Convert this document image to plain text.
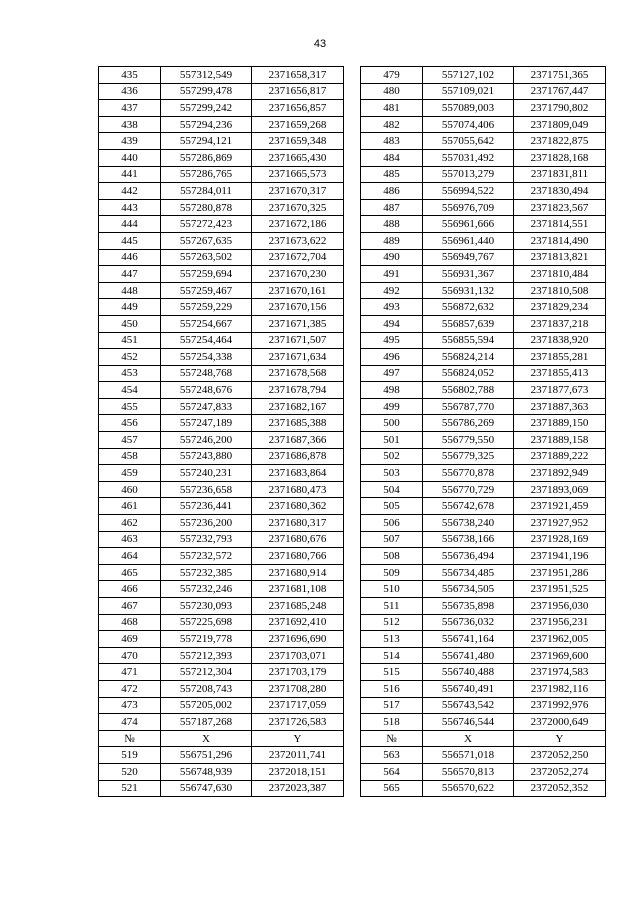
43
435	557312,549	2371658,317
436	557299,478	2371656,817
437	557299,242	2371656,857
438	557294,236	2371659,268
439	557294,121	2371659,348
440	557286,869	2371665,430
441	557286,765	2371665,573
442	557284,011	2371670,317
443	557280,878	2371670,325
444	557272,423	2371672,186
445	557267,635	2371673,622
446	557263,502	2371672,704
447	557259,694	2371670,230
448	557259,467	2371670,161
449	557259,229	2371670,156
450	557254,667	2371671,385
451	557254,464	2371671,507
452	557254,338	2371671,634
453	557248,768	2371678,568
454	557248,676	2371678,794
455	557247,833	2371682,167
456	557247,189	2371685,388
457	557246,200	2371687,366
458	557243,880	2371686,878
459	557240,231	2371683,864
460	557236,658	2371680,473
461	557236,441	2371680,362
462	557236,200	2371680,317
463	557232,793	2371680,676
464	557232,572	2371680,766
465	557232,385	2371680,914
466	557232,246	2371681,108
467	557230,093	2371685,248
468	557225,698	2371692,410
469	557219,778	2371696,690
470	557212,393	2371703,071
471	557212,304	2371703,179
472	557208,743	2371708,280
473	557205,002	2371717,059
474	557187,268	2371726,583
№	X	Y
519	556751,296	2372011,741
520	556748,939	2372018,151
521	556747,630	2372023,387
479	557127,102	2371751,365
480	557109,021	2371767,447
481	557089,003	2371790,802
482	557074,406	2371809,049
483	557055,642	2371822,875
484	557031,492	2371828,168
485	557013,279	2371831,811
486	556994,522	2371830,494
487	556976,709	2371823,567
488	556961,666	2371814,551
489	556961,440	2371814,490
490	556949,767	2371813,821
491	556931,367	2371810,484
492	556931,132	2371810,508
493	556872,632	2371829,234
494	556857,639	2371837,218
495	556855,594	2371838,920
496	556824,214	2371855,281
497	556824,052	2371855,413
498	556802,788	2371877,673
499	556787,770	2371887,363
500	556786,269	2371889,150
501	556779,550	2371889,158
502	556779,325	2371889,222
503	556770,878	2371892,949
504	556770,729	2371893,069
505	556742,678	2371921,459
506	556738,240	2371927,952
507	556738,166	2371928,169
508	556736,494	2371941,196
509	556734,485	2371951,286
510	556734,505	2371951,525
511	556735,898	2371956,030
512	556736,032	2371956,231
513	556741,164	2371962,005
514	556741,480	2371969,600
515	556740,488	2371974,583
516	556740,491	2371982,116
517	556743,542	2371992,976
518	556746,544	2372000,649
№	X	Y
563	556571,018	2372052,250
564	556570,813	2372052,274
565	556570,622	2372052,352
